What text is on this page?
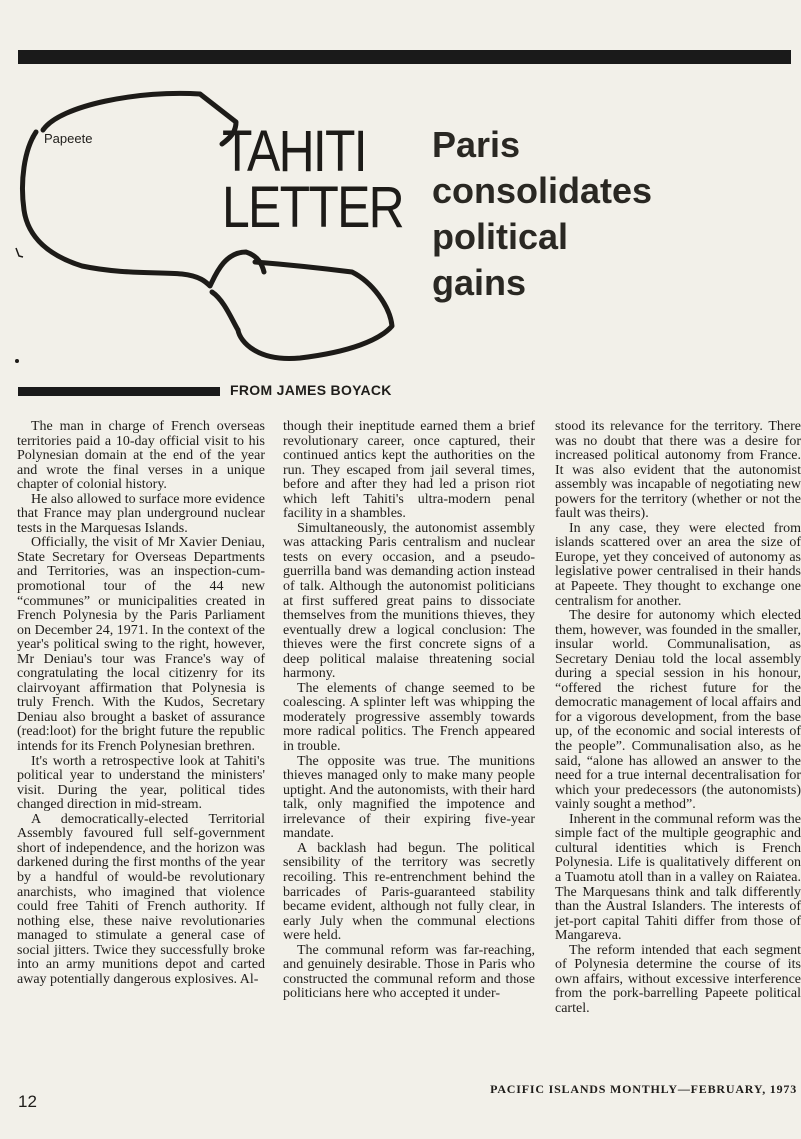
Papeete TAHITI
LETTER
Paris
consolidates
political
gains
FROM JAMES BOYACK

The man in charge of French overseas territories paid a 10-day official visit to his Polynesian domain at the end of the year and wrote the final verses in a unique chapter of colonial history.

He also allowed to surface more evidence that France may plan underground nuclear tests in the Marquesas Islands.

Officially, the visit of Mr Xavier Deniau, State Secretary for Overseas Departments and Territories, was an inspection-cum-promotional tour of the 44 new “communes” or municipalities created in French Polynesia by the Paris Parliament on December 24, 1971. In the context of the year's political swing to the right, however, Mr Deniau's tour was France's way of congratulating the local citizenry for its clairvoyant affirmation that Polynesia is truly French. With the Kudos, Secretary Deniau also brought a basket of assurance (read:loot) for the bright future the republic intends for its French Polynesian brethren.

It's worth a retrospective look at Tahiti's political year to understand the ministers' visit. During the year, political tides changed direction in mid-stream.

A democratically-elected Territorial Assembly favoured full self-government short of independence, and the horizon was darkened during the first months of the year by a handful of would-be revolutionary anarchists, who imagined that violence could free Tahiti of French authority. If nothing else, these naive revolutionaries managed to stimulate a general case of social jitters. Twice they successfully broke into an army munitions depot and carted away potentially dangerous explosives. Al-

though their ineptitude earned them a brief revolutionary career, once captured, their continued antics kept the authorities on the run. They escaped from jail several times, before and after they had led a prison riot which left Tahiti's ultra-modern penal facility in a shambles.

Simultaneously, the autonomist assembly was attacking Paris centralism and nuclear tests on every occasion, and a pseudo-guerrilla band was demanding action instead of talk. Although the autonomist politicians at first suffered great pains to dissociate themselves from the munitions thieves, they eventually drew a logical conclusion: The thieves were the first concrete signs of a deep political malaise threatening social harmony.

The elements of change seemed to be coalescing. A splinter left was whipping the moderately progressive assembly towards more radical politics. The French appeared in trouble.

The opposite was true. The munitions thieves managed only to make many people uptight. And the autonomists, with their hard talk, only magnified the impotence and irrelevance of their expiring five-year mandate.

A backlash had begun. The political sensibility of the territory was secretly recoiling. This re-entrenchment behind the barricades of Paris-guaranteed stability became evident, although not fully clear, in early July when the communal elections were held.

The communal reform was far-reaching, and genuinely desirable. Those in Paris who constructed the communal reform and those politicians here who accepted it under-

stood its relevance for the territory. There was no doubt that there was a desire for increased political autonomy from France. It was also evident that the autonomist assembly was incapable of negotiating new powers for the territory (whether or not the fault was theirs).

In any case, they were elected from islands scattered over an area the size of Europe, yet they conceived of autonomy as legislative power centralised in their hands at Papeete. They thought to exchange one centralism for another.

The desire for autonomy which elected them, however, was founded in the smaller, insular world. Communalisation, as Secretary Deniau told the local assembly during a special session in his honour, “offered the richest future for the democratic management of local affairs and for a vigorous development, from the base up, of the economic and social interests of the people”. Communalisation also, as he said, “alone has allowed an answer to the need for a true internal decentralisation for which your predecessors (the autonomists) vainly sought a method”.

Inherent in the communal reform was the simple fact of the multiple geographic and cultural identities which is French Polynesia. Life is qualitatively different on a Tuamotu atoll than in a valley on Raiatea. The Marquesans think and talk differently than the Austral Islanders. The interests of jet-port capital Tahiti differ from those of Mangareva.

The reform intended that each segment of Polynesia determine the course of its own affairs, without excessive interference from the pork-barrelling Papeete political cartel.

12
PACIFIC ISLANDS MONTHLY—FEBRUARY, 1973
